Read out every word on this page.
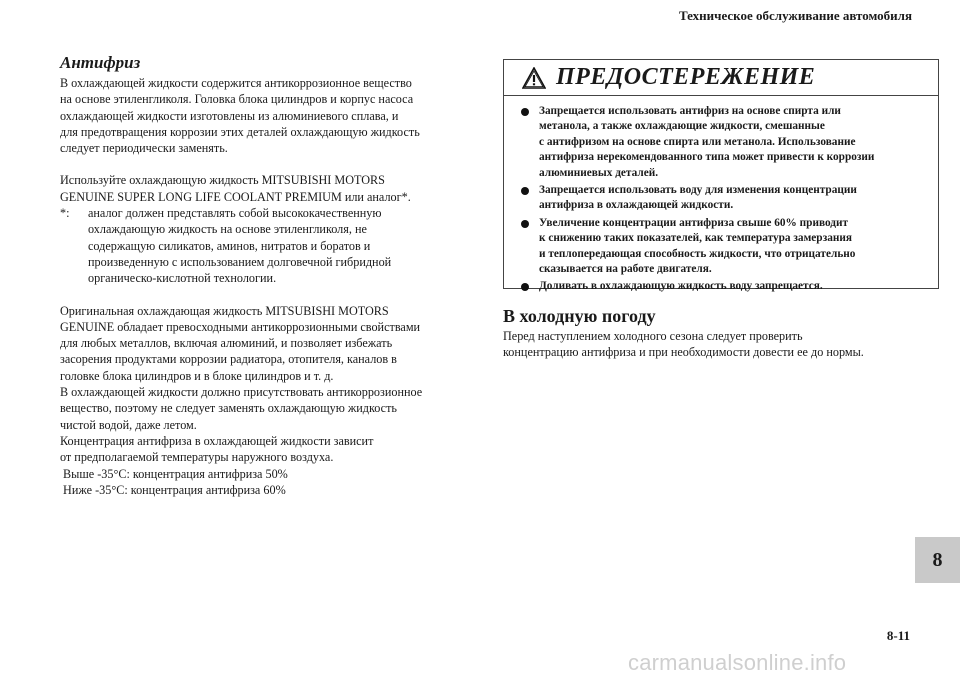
Техническое обслуживание автомобиля
Антифриз

В охлаждающей жидкости содержится антикоррозионное вещество
на основе этиленгликоля. Головка блока цилиндров и корпус насоса
охлаждающей жидкости изготовлены из алюминиевого сплава, и
для предотвращения коррозии этих деталей охлаждающую жидкость
следует периодически заменять.

Используйте охлаждающую жидкость MITSUBISHI MOTORS
GENUINE SUPER LONG LIFE COOLANT PREMIUM или аналог*.

*:	аналог должен представлять собой высококачественную
охлаждающую жидкость на основе этиленгликоля, не
содержащую силикатов, аминов, нитратов и боратов и
произведенную с использованием долговечной гибридной
органическо-кислотной технологии.

Оригинальная охлаждающая жидкость MITSUBISHI MOTORS
GENUINE обладает превосходными антикоррозионными свойствами
для любых металлов, включая алюминий, и позволяет избежать
засорения продуктами коррозии радиатора, отопителя, каналов в
головке блока цилиндров и в блоке цилиндров и т. д.
В охлаждающей жидкости должно присутствовать антикоррозионное
вещество, поэтому не следует заменять охлаждающую жидкость
чистой водой, даже летом.
Концентрация антифриза в охлаждающей жидкости зависит
от предполагаемой температуры наружного воздуха.
Выше -35°C: концентрация антифриза 50%
Ниже -35°C: концентрация антифриза 60%

ПРЕДОСТЕРЕЖЕНИЕ
Запрещается использовать антифриз на основе спирта или
метанола, а также охлаждающие жидкости, смешанные
с антифризом на основе спирта или метанола. Использование
антифриза нерекомендованного типа может привести к коррозии
алюминиевых деталей.
Запрещается использовать воду для изменения концентрации
антифриза в охлаждающей жидкости.
Увеличение концентрации антифриза свыше 60% приводит
к снижению таких показателей, как температура замерзания
и теплопередающая способность жидкости, что отрицательно
сказывается на работе двигателя.
Доливать в охлаждающую жидкость воду запрещается.
В холодную погоду

Перед наступлением холодного сезона следует проверить
концентрацию антифриза и при необходимости довести ее до нормы.

8
8-11
carmanualsonline.info
